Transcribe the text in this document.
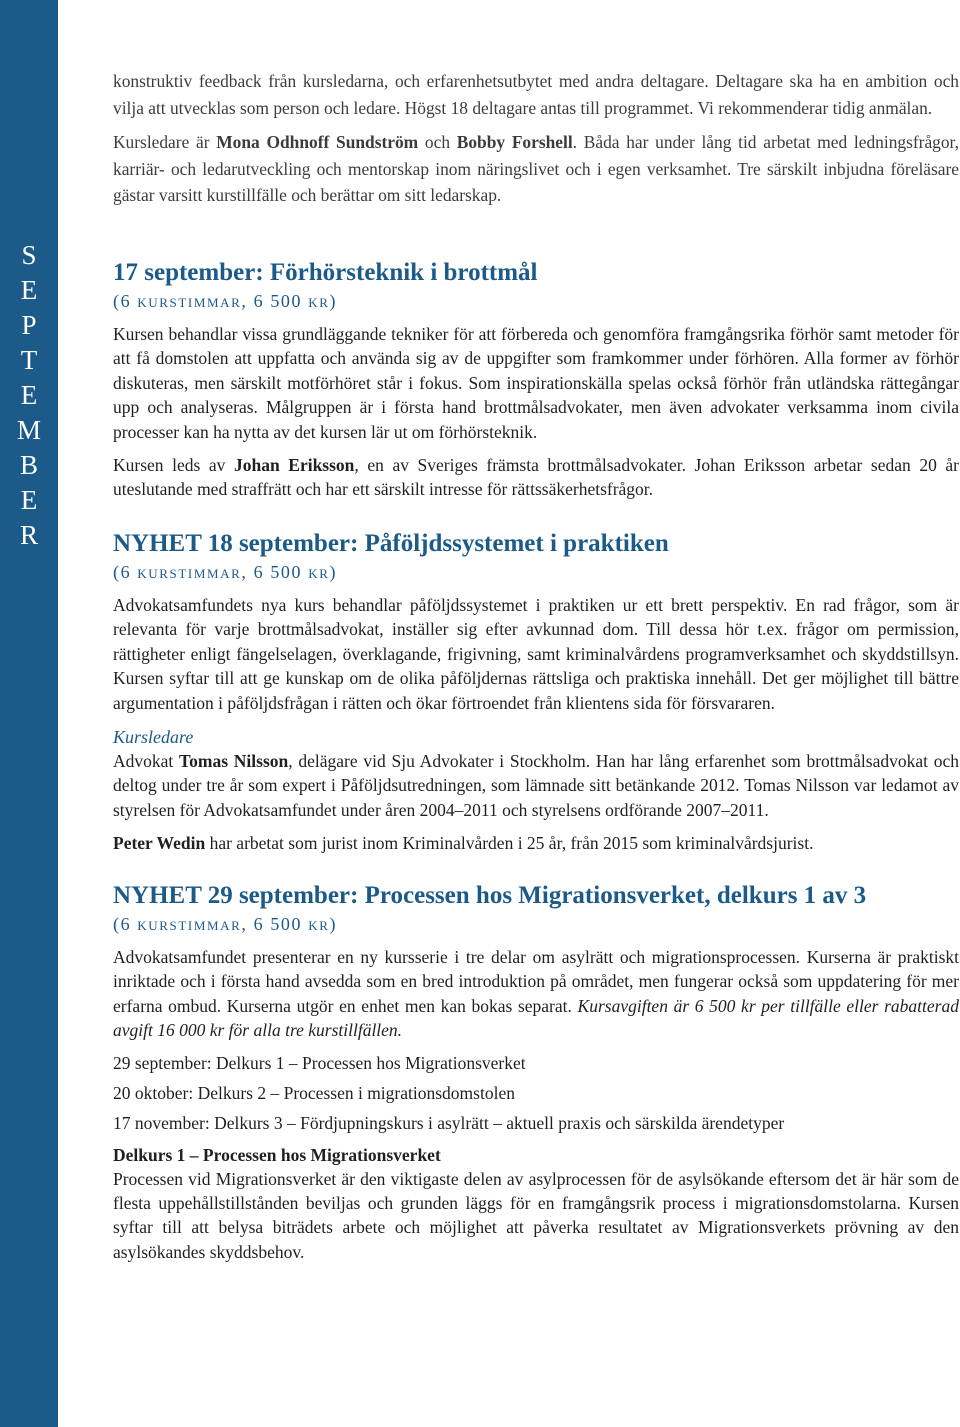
S
E
P
T
E
M
B
E
R

konstruktiv feedback från kursledarna, och erfarenhetsutbytet med andra deltagare. Deltagare ska ha en ambition och vilja att utvecklas som person och ledare. Högst 18 deltagare antas till programmet. Vi rekommenderar tidig anmälan.

Kursledare är Mona Odhnoff Sundström och Bobby Forshell. Båda har under lång tid arbetat med ledningsfrågor, karriär- och ledarutveckling och mentorskap inom näringslivet och i egen verksamhet. Tre särskilt inbjudna föreläsare gästar varsitt kurstillfälle och berättar om sitt ledarskap.

17 september: Förhörsteknik i brottmål
(6 kurstimmar, 6 500 kr)

Kursen behandlar vissa grundläggande tekniker för att förbereda och genomföra framgångsrika förhör samt metoder för att få domstolen att uppfatta och använda sig av de uppgifter som framkommer under förhören. Alla former av förhör diskuteras, men särskilt motförhöret står i fokus. Som inspirationskälla spelas också förhör från utländska rättegångar upp och analyseras. Målgruppen är i första hand brottmålsadvokater, men även advokater verksamma inom civila processer kan ha nytta av det kursen lär ut om förhörsteknik.

Kursen leds av Johan Eriksson, en av Sveriges främsta brottmålsadvokater. Johan Eriksson arbetar sedan 20 år uteslutande med straffrätt och har ett särskilt intresse för rättssäkerhetsfrågor.

NYHET 18 september: Påföljdssystemet i praktiken
(6 kurstimmar, 6 500 kr)

Advokatsamfundets nya kurs behandlar påföljdssystemet i praktiken ur ett brett perspektiv. En rad frågor, som är relevanta för varje brottmålsadvokat, inställer sig efter avkunnad dom. Till dessa hör t.ex. frågor om permission, rättigheter enligt fängelselagen, överklagande, frigivning, samt kriminalvårdens programverksamhet och skyddstillsyn. Kursen syftar till att ge kunskap om de olika påföljdernas rättsliga och praktiska innehåll. Det ger möjlighet till bättre argumentation i påföljdsfrågan i rätten och ökar förtroendet från klientens sida för försvararen.

Kursledare

Advokat Tomas Nilsson, delägare vid Sju Advokater i Stockholm. Han har lång erfarenhet som brottmålsadvokat och deltog under tre år som expert i Påföljdsutredningen, som lämnade sitt betänkande 2012. Tomas Nilsson var ledamot av styrelsen för Advokatsamfundet under åren 2004–2011 och styrelsens ordförande 2007–2011.

Peter Wedin har arbetat som jurist inom Kriminalvården i 25 år, från 2015 som kriminalvårdsjurist.

NYHET 29 september: Processen hos Migrationsverket, delkurs 1 av 3
(6 kurstimmar, 6 500 kr)

Advokatsamfundet presenterar en ny kursserie i tre delar om asylrätt och migrationsprocessen. Kurserna är praktiskt inriktade och i första hand avsedda som en bred introduktion på området, men fungerar också som uppdatering för mer erfarna ombud. Kurserna utgör en enhet men kan bokas separat. Kursavgiften är 6 500 kr per tillfälle eller rabatterad avgift 16 000 kr för alla tre kurstillfällen.

29 september: Delkurs 1 – Processen hos Migrationsverket
20 oktober: Delkurs 2 – Processen i migrationsdomstolen
17 november: Delkurs 3 – Fördjupningskurs i asylrätt – aktuell praxis och särskilda ärendetyper
Delkurs 1 – Processen hos Migrationsverket

Processen vid Migrationsverket är den viktigaste delen av asylprocessen för de asylsökande eftersom det är här som de flesta uppehållstillstånden beviljas och grunden läggs för en framgångsrik process i migrationsdomstolarna. Kursen syftar till att belysa biträdets arbete och möjlighet att påverka resultatet av Migrationsverkets prövning av den asylsökandes skyddsbehov.
